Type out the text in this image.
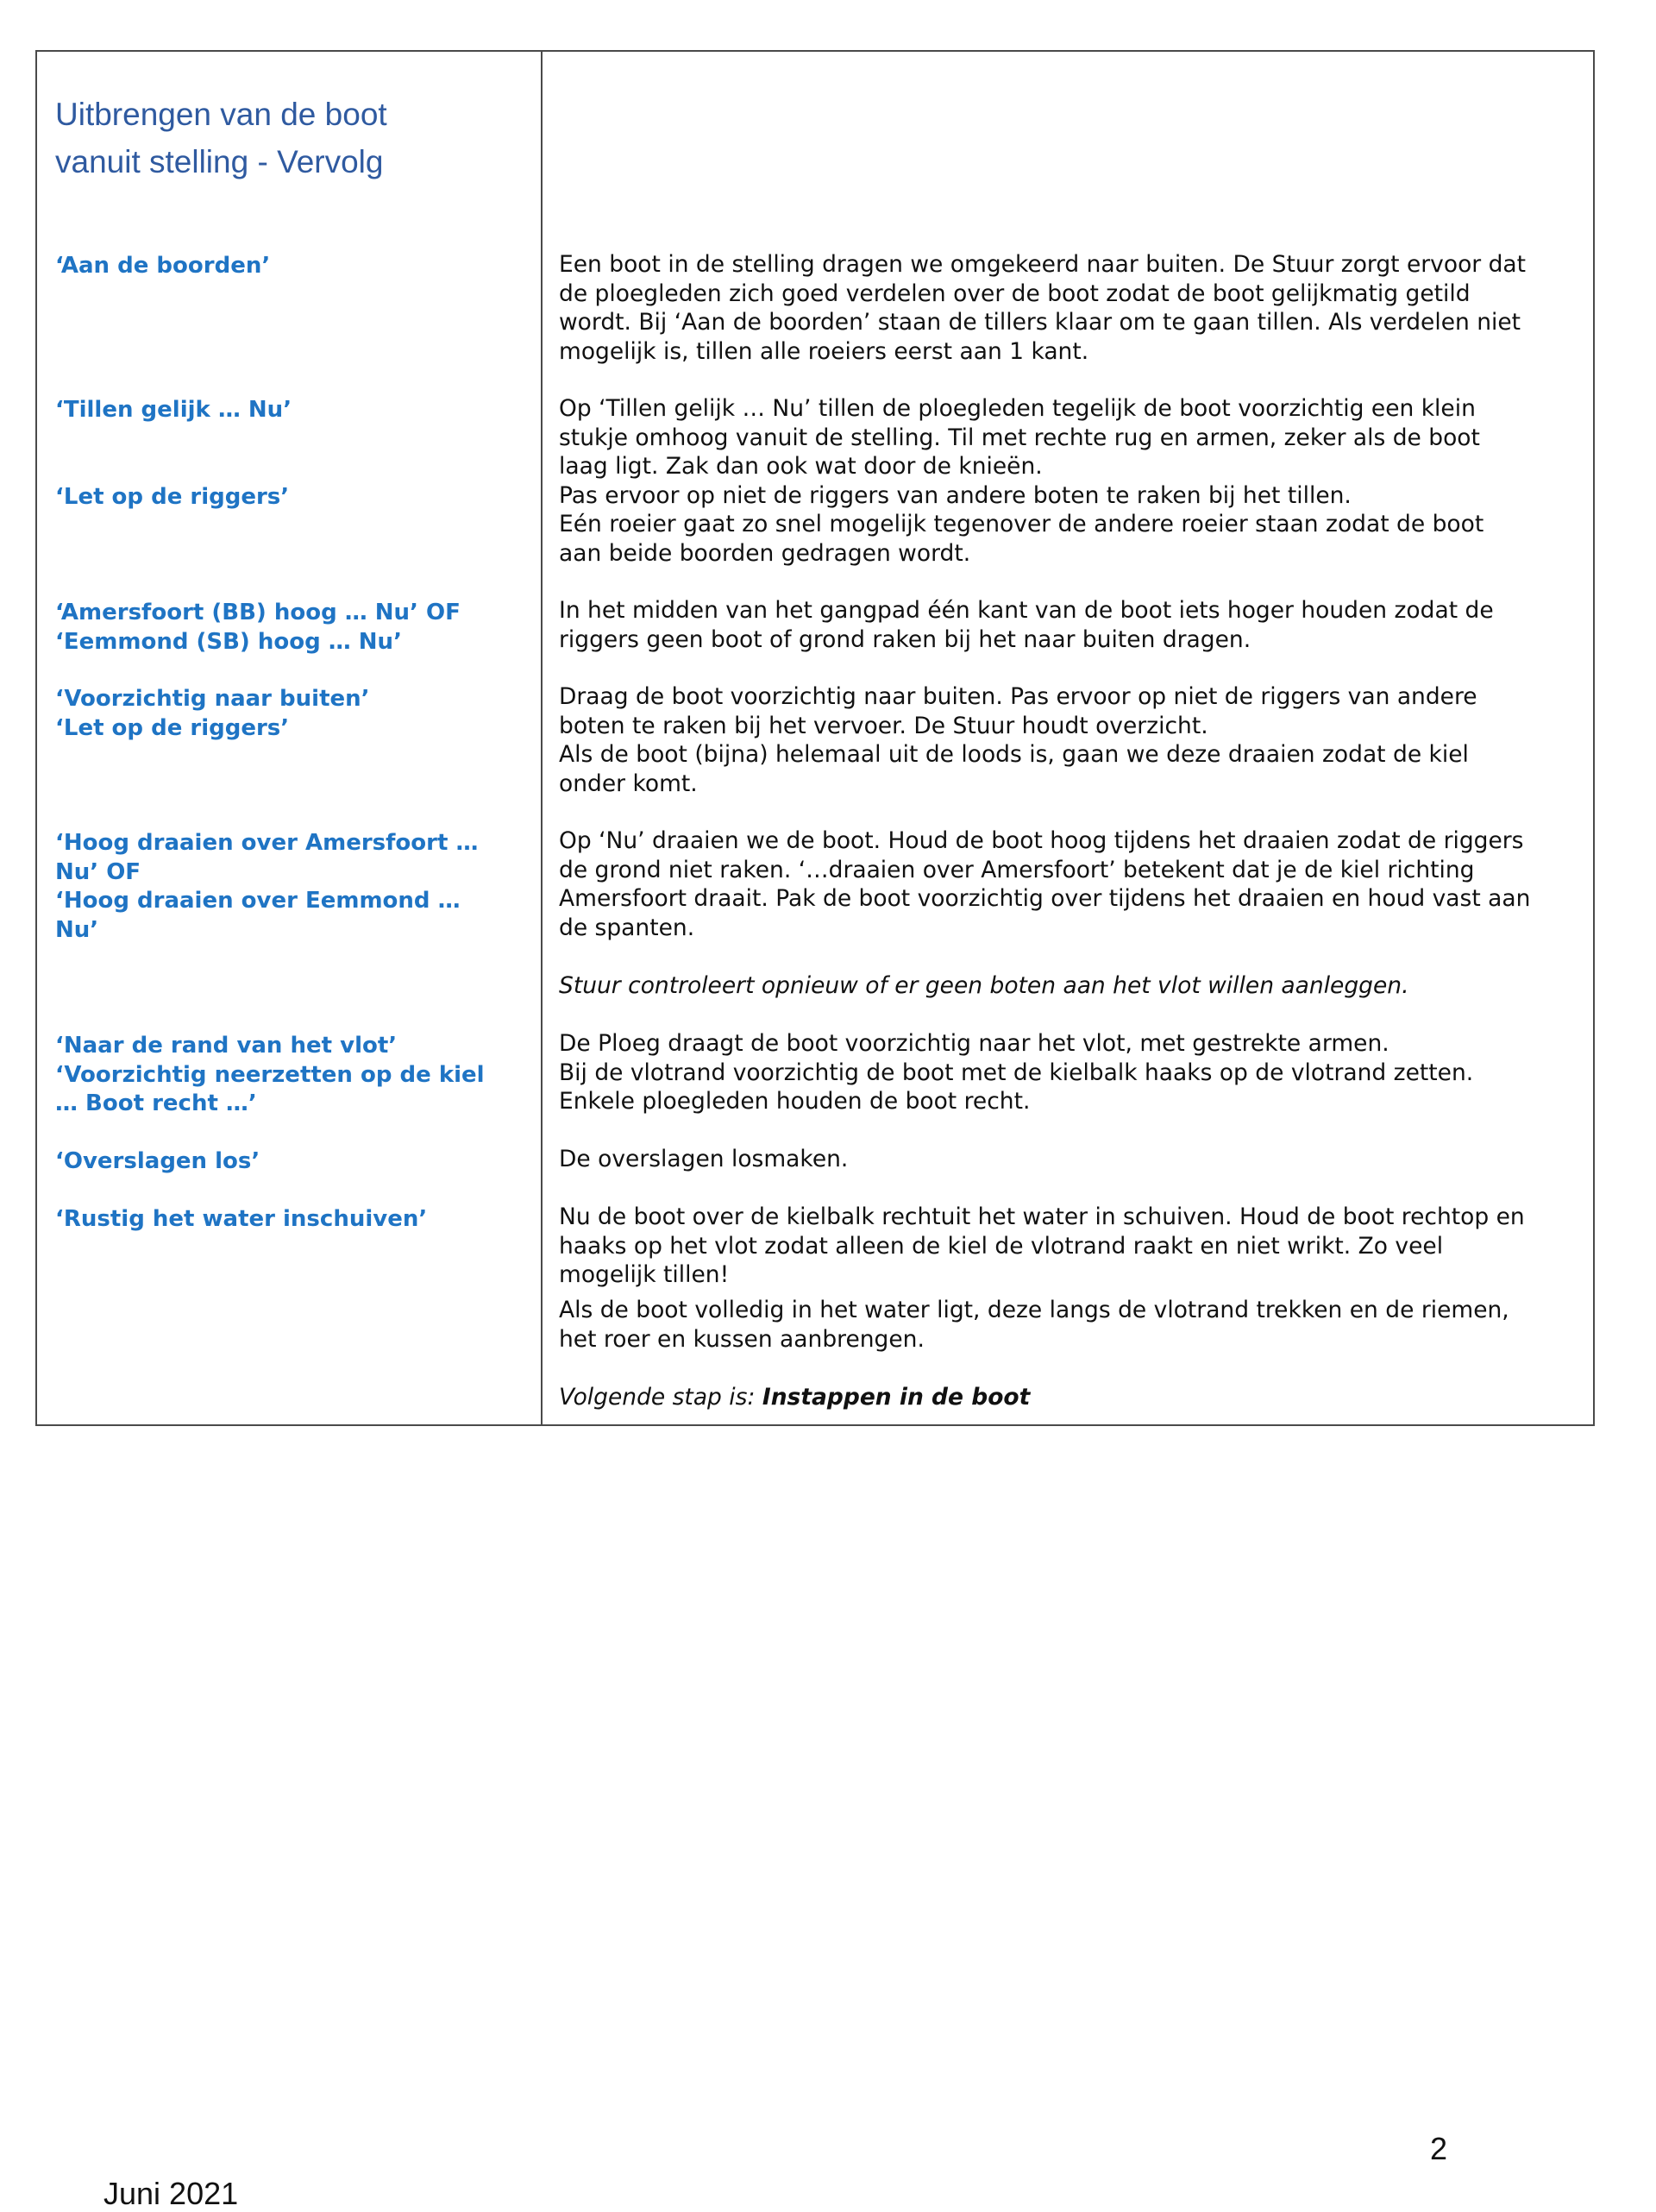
Uitbrengen van de boot
vanuit stelling - Vervolg
‘Aan de boorden’
‘Tillen gelijk … Nu’
‘Let op de riggers’
‘Amersfoort (BB) hoog … Nu’ OF
‘Eemmond (SB) hoog … Nu’
‘Voorzichtig naar buiten’
‘Let op de riggers’
‘Hoog draaien over Amersfoort …
Nu’ OF
‘Hoog draaien over Eemmond …
Nu’
‘Naar de rand van het vlot’
‘Voorzichtig neerzetten op de kiel
… Boot recht …’
‘Overslagen los’
‘Rustig het water inschuiven’
Een boot in de stelling dragen we omgekeerd naar buiten. De Stuur zorgt ervoor dat
de ploegleden zich goed verdelen over de boot zodat de boot gelijkmatig getild
wordt. Bij ‘Aan de boorden’ staan de tillers klaar om te gaan tillen. Als verdelen niet
mogelijk is, tillen alle roeiers eerst aan 1 kant.
Op ‘Tillen gelijk … Nu’ tillen de ploegleden tegelijk de boot voorzichtig een klein
stukje omhoog vanuit de stelling. Til met rechte rug en armen, zeker als de boot
laag ligt. Zak dan ook wat door de knieën.
Pas ervoor op niet de riggers van andere boten te raken bij het tillen.
Eén roeier gaat zo snel mogelijk tegenover de andere roeier staan zodat de boot
aan beide boorden gedragen wordt.
In het midden van het gangpad één kant van de boot iets hoger houden zodat de
riggers geen boot of grond raken bij het naar buiten dragen.
Draag de boot voorzichtig naar buiten. Pas ervoor op niet de riggers van andere
boten te raken bij het vervoer. De Stuur houdt overzicht.
Als de boot (bijna) helemaal uit de loods is, gaan we deze draaien zodat de kiel
onder komt.
Op ‘Nu’ draaien we de boot. Houd de boot hoog tijdens het draaien zodat de riggers
de grond niet raken. ‘…draaien over Amersfoort’ betekent dat je de kiel richting
Amersfoort draait. Pak de boot voorzichtig over tijdens het draaien en houd vast aan
de spanten.
Stuur controleert opnieuw of er geen boten aan het vlot willen aanleggen.
De Ploeg draagt de boot voorzichtig naar het vlot, met gestrekte armen.
Bij de vlotrand voorzichtig de boot met de kielbalk haaks op de vlotrand zetten.
Enkele ploegleden houden de boot recht.
De overslagen losmaken.
Nu de boot over de kielbalk rechtuit het water in schuiven. Houd de boot rechtop en
haaks op het vlot zodat alleen de kiel de vlotrand raakt en niet wrikt. Zo veel
mogelijk tillen!
Als de boot volledig in het water ligt, deze langs de vlotrand trekken en de riemen,
het roer en kussen aanbrengen.
Volgende stap is: Instappen in de boot
2
Juni 2021
